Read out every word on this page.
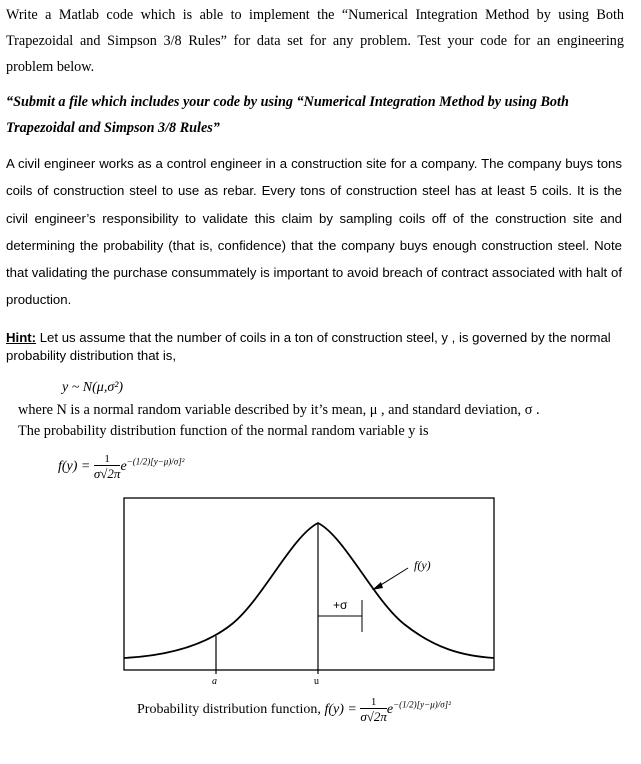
Write a Matlab code which is able to implement the “Numerical Integration Method by using Both Trapezoidal and Simpson 3/8 Rules” for data set for any problem. Test your code for an engineering problem below.
“Submit a file which includes your code by using “Numerical Integration Method by using Both Trapezoidal and Simpson 3/8 Rules”
A civil engineer works as a control engineer in a construction site for a company. The company buys tons coils of construction steel to use as rebar. Every tons of construction steel has at least 5 coils. It is the civil engineer’s responsibility to validate this claim by sampling coils off of the construction site and determining the probability (that is, confidence) that the company buys enough construction steel. Note that validating the purchase consummately is important to avoid breach of contract associated with halt of production.
Hint: Let us assume that the number of coils in a ton of construction steel, y , is governed by the normal probability distribution that is,
y ~ N(μ,σ²)
where N is a normal random variable described by it’s mean, μ , and standard deviation, σ .
The probability distribution function of the normal random variable y is
$f(y) = \frac{1}{\sigma√2\pi} e^{-(1/2)[y-\mu)/\sigma]^2}$
f(y)
+σ
a	u
Probability distribution function, $f(y) = \frac{1}{\sigma√2\pi} e^{-(1/2)[y-\mu)/\sigma]^2}$
